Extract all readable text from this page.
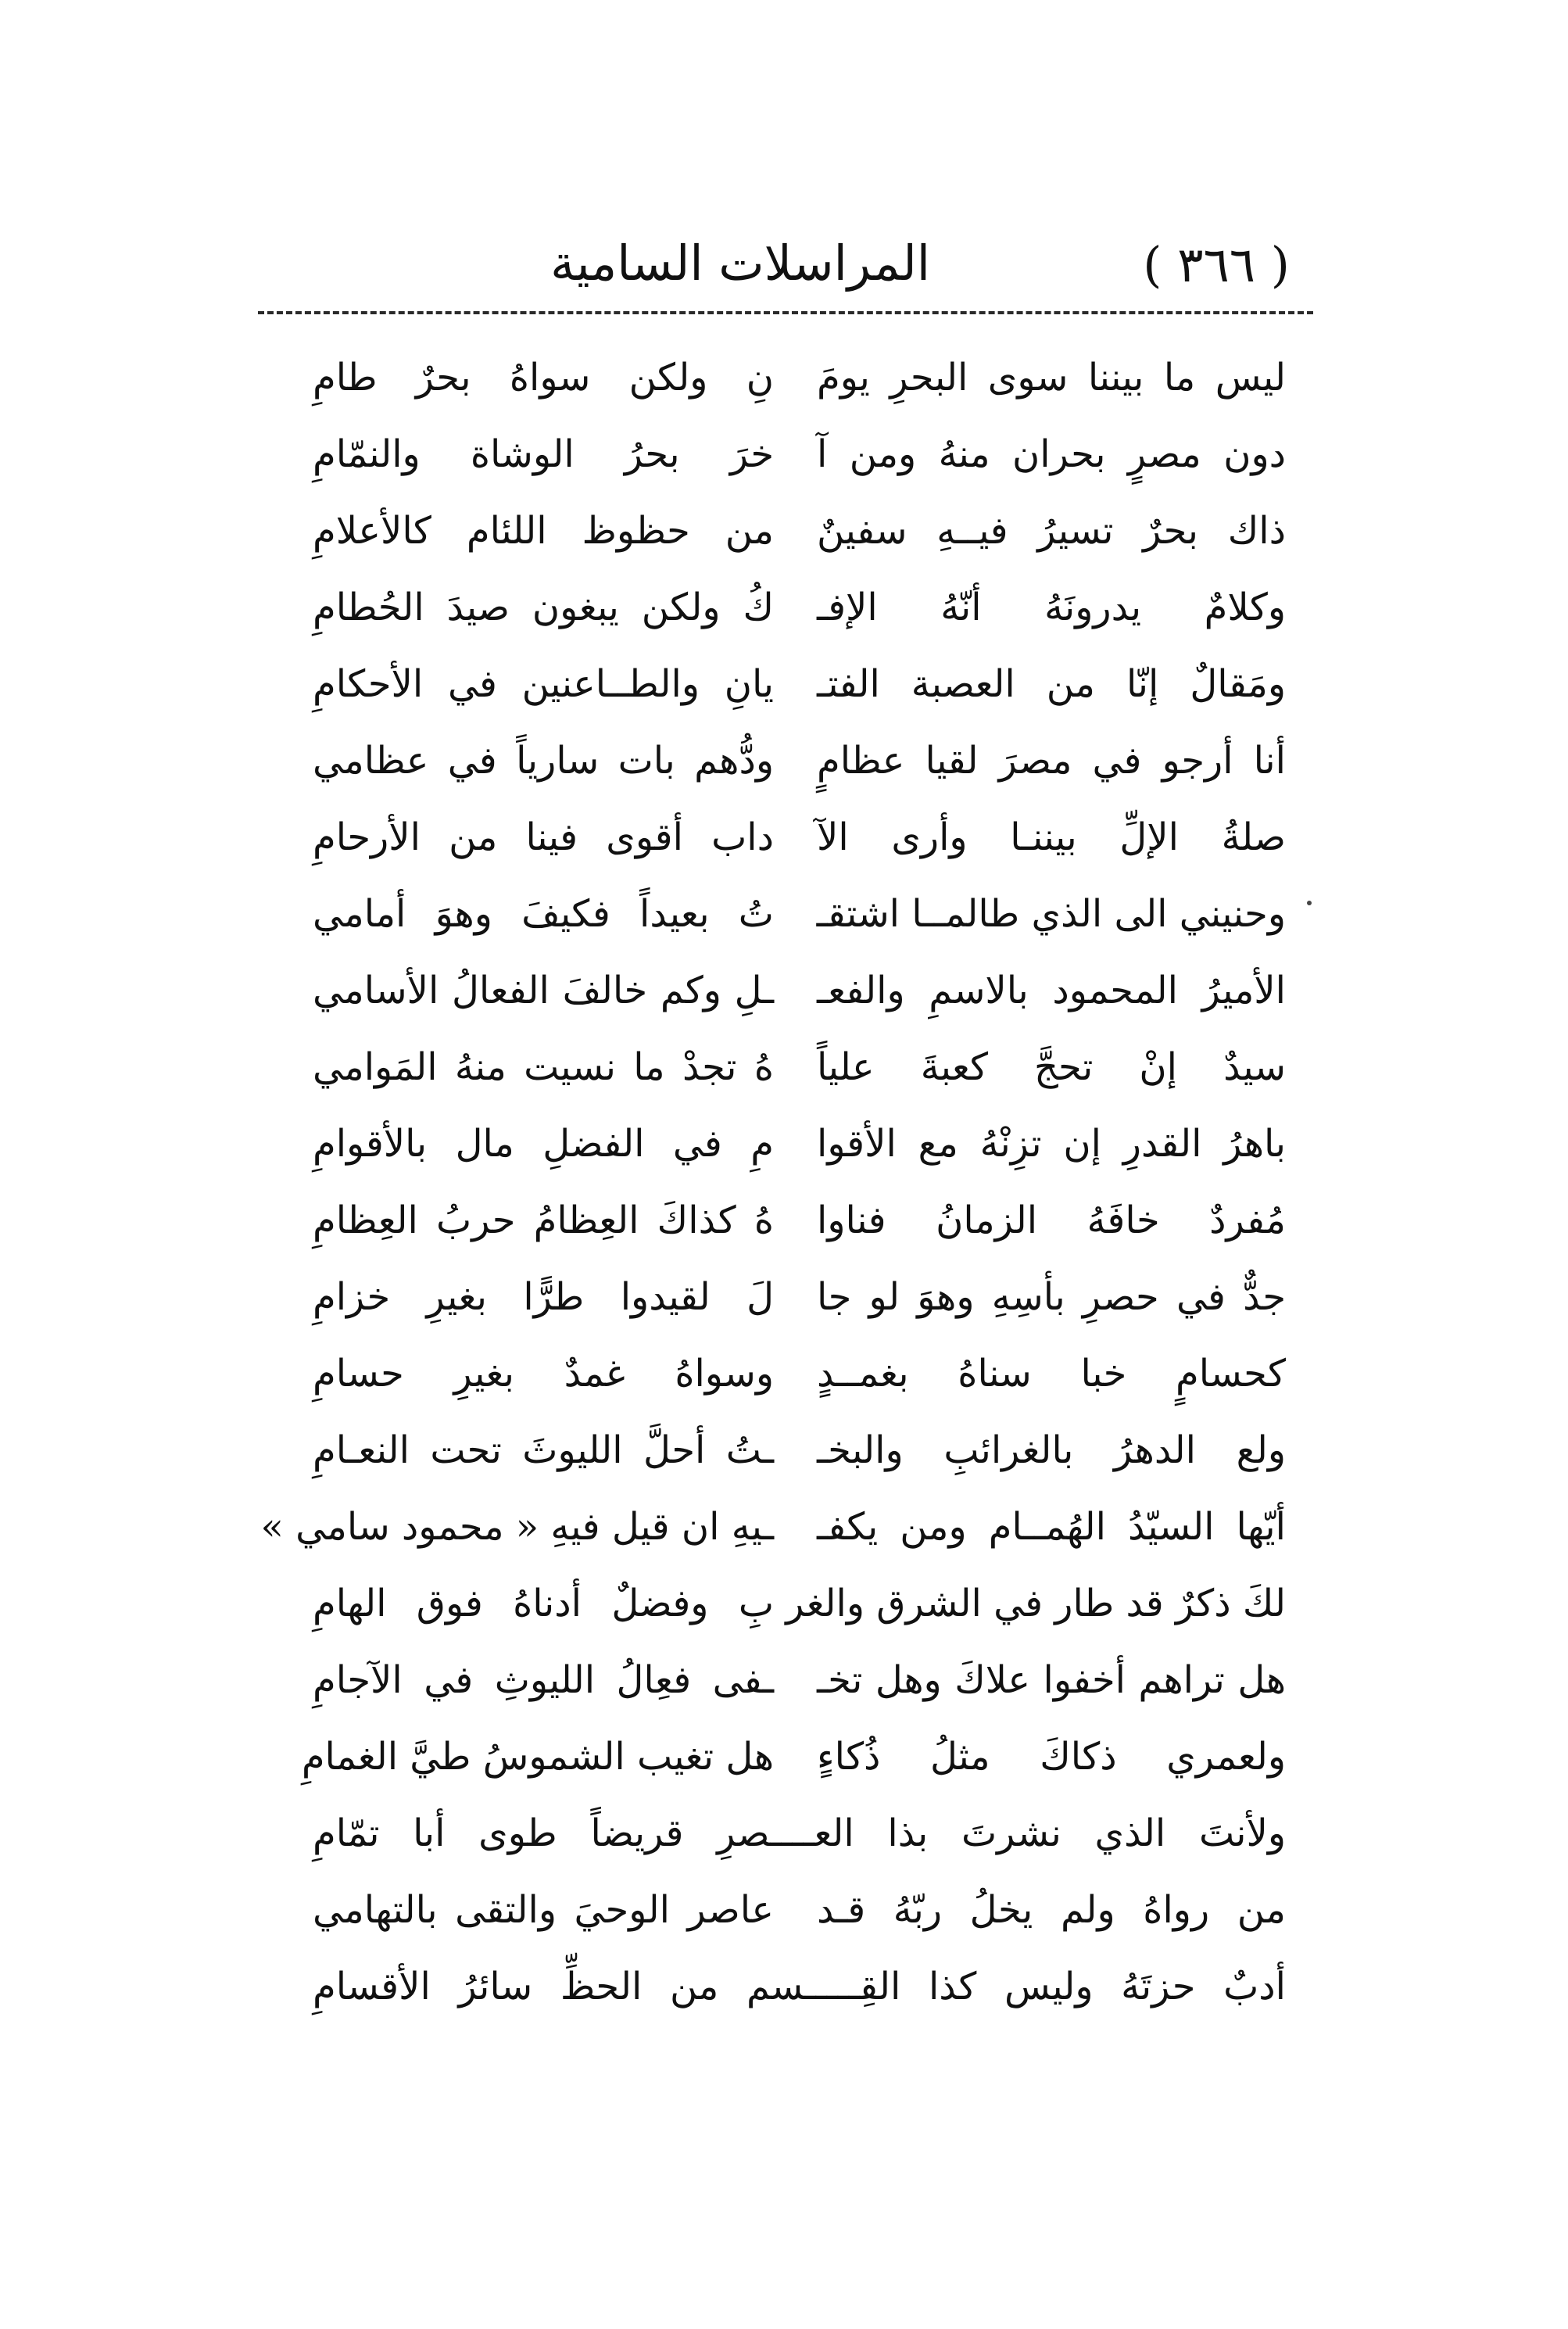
( ٣٦٦ )
المراسلات السامية
ليس ما بيننا سوى البحرِ يومَ
نِ ولكن سواهُ بحرٌ طامِ
دون مصرٍ بحران منهُ ومن آ
خرَ بحرُ الوشاة والنمّامِ
ذاك بحرٌ تسيرُ فيــهِ سفينٌ
من حظوظ اللئام كالأعلامِ
وكلامٌ يدرونَهُ أنّهُ الإفـ
كُ ولكن يبغون صيدَ الحُطامِ
ومَقالٌ إنّا من العصبة الفتـ
يانِ والطــاعنين في الأحكامِ
أنا أرجو في مصرَ لقيا عظامٍ
ودُّهم بات سارياً في عظامي
صلةُ الإلِّ بيننـا وأرى الآ
داب أقوى فينا من الأرحامِ
وحنيني الى الذي طالمــا اشتقـ
تُ بعيداً فكيفَ وهوَ أمامي
الأميرُ المحمود بالاسمِ والفعـ
ـلِ وكم خالفَ الفعالُ الأسامي
سيدٌ إنْ تحجَّ كعبةَ علياً
هُ تجدْ ما نسيت منهُ المَوامي
باهرُ القدرِ إن تزِنْهُ مع الأقوا
مِ في الفضلِ مال بالأقوامِ
مُفردٌ خافَهُ الزمانُ فناوا
هُ كذاكَ العِظامُ حربُ العِظامِ
جدٌّ في حصرِ بأسِهِ وهوَ لو جا
لَ لقيدوا طرًّا بغيرِ خزامِ
كحسامٍ خبا سناهُ بغمــدٍ
وسواهُ غمدٌ بغيرِ حسامِ
ولع الدهرُ بالغرائبِ والبخـ
ـتُ أحلَّ الليوثَ تحت النعـامِ
أيّها السيّدُ الهُمــام ومن يكفـ
ـيهِ ان قيل فيهِ « محمود سامي »
لكَ ذكرٌ قد طار في الشرق والغر
بِ وفضلٌ أدناهُ فوق الهامِ
هل تراهم أخفوا علاكَ وهل تخـ
ـفى فعِالُ الليوثِ في الآجامِ
ولعمري ذكاكَ مثلُ ذُكاءٍ
هل تغيب الشموسُ طيَّ الغمامِ
ولأنتَ الذي نشرتَ بذا العــــصرِ قريضاً طوى أبا تمّامِ
من رواهُ ولم يخلُ ربّهُ قـد
عاصر الوحيَ والتقى بالتهامي
أدبٌ حزتَهُ وليس كذا القِـــــسم من الحظِّ سائرُ الأقسامِ
